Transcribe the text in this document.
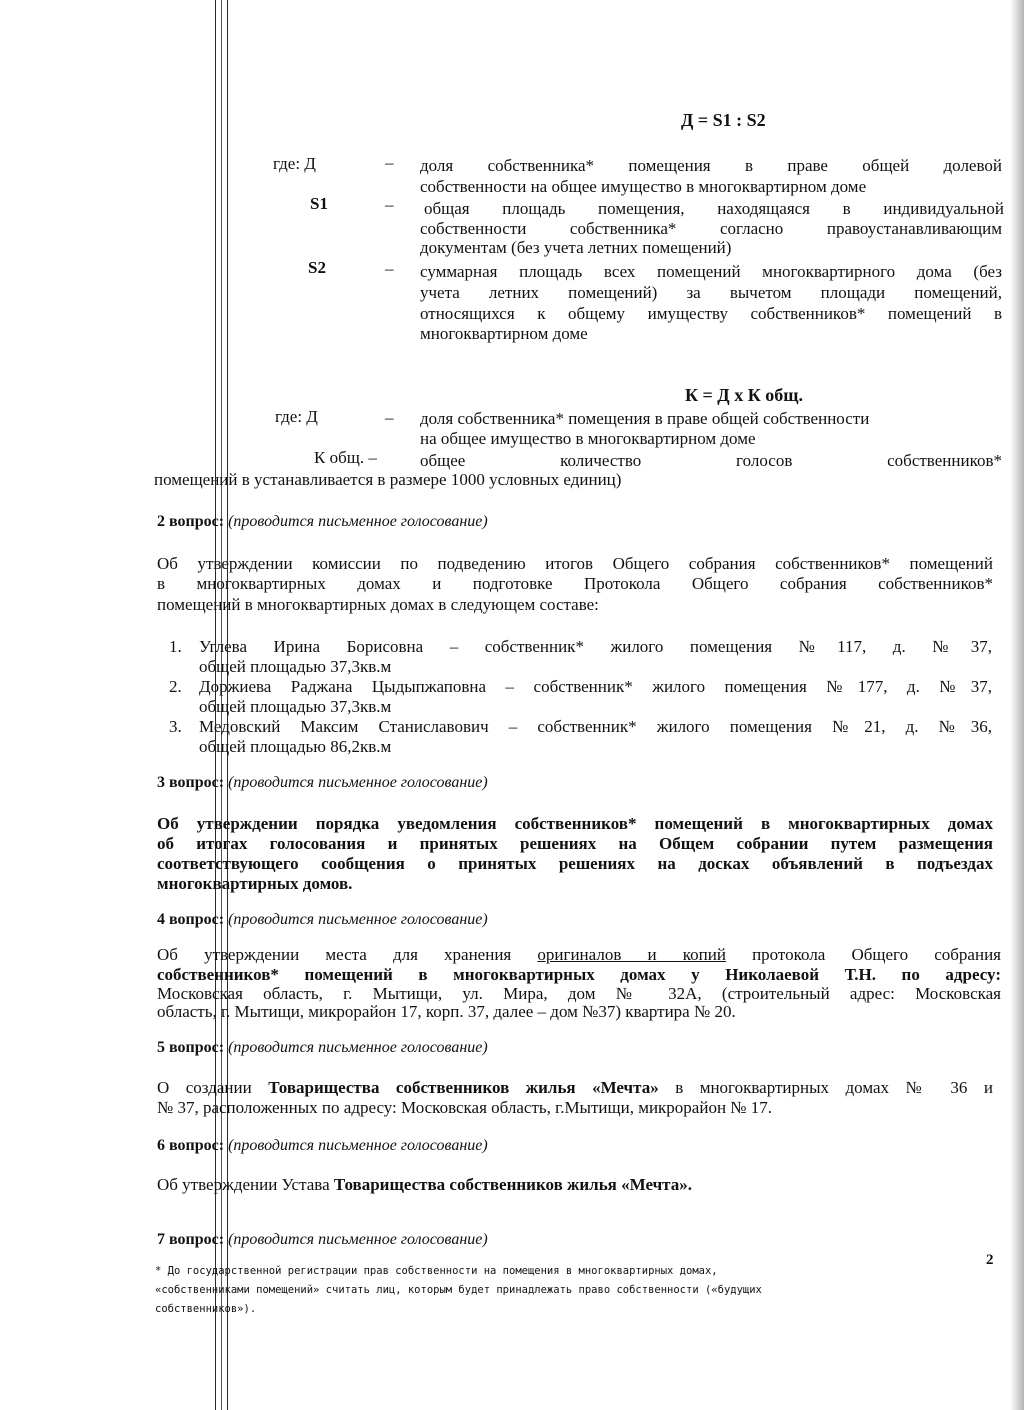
Д = S1 : S2
где: Д	– доля собственника* помещения в праве общей долевой
собственности на общее имущество в многоквартирном доме
S1	– общая площадь помещения, находящаяся в индивидуальной
собственности собственника* согласно правоустанавливающим
документам (без учета летних помещений)
S2	– суммарная площадь всех помещений многоквартирного дома (без
учета летних помещений) за вычетом площади помещений,
относящихся к общему имуществу собственников* помещений в
многоквартирном доме
К = Д х К общ.
где: Д	– доля собственника* помещения в праве общей собственности
на общее имущество в многоквартирном доме
К общ. –	общее количество голосов собственников*
помещений в устанавливается в размере 1000 условных единиц)
2 вопрос: (проводится письменное голосование)
Об утверждении комиссии по подведению итогов Общего собрания собственников* помещений
в многоквартирных домах и подготовке Протокола Общего собрания собственников*
помещений в многоквартирных домах в следующем составе:
1. Углева Ирина Борисовна – собственник* жилого помещения №117, д. №37,
общей площадью 37,3кв.м
2. Доржиева Раджана Цыдыпжаповна – собственник* жилого помещения №177, д. №37,
общей площадью 37,3кв.м
3. Медовский Максим Станиславович – собственник* жилого помещения №21, д. №36,
общей площадью 86,2кв.м
3 вопрос: (проводится письменное голосование)
Об утверждении порядка уведомления собственников* помещений в многоквартирных домах
об итогах голосования и принятых решениях на Общем собрании путем размещения
соответствующего сообщения о принятых решениях на досках объявлений в подъездах
многоквартирных домов.
4 вопрос: (проводится письменное голосование)
Об утверждении места для хранения оригиналов и копий протокола Общего собрания
собственников* помещений в многоквартирных домах у Николаевой Т.Н. по адресу:
Московская область, г. Мытищи, ул. Мира, дом № 32А, (строительный адрес: Московская
область, г. Мытищи, микрорайон 17, корп. 37, далее – дом №37) квартира № 20.
5 вопрос: (проводится письменное голосование)
О создании Товарищества собственников жилья «Мечта» в многоквартирных домах № 36 и
№ 37, расположенных по адресу: Московская область, г.Мытищи, микрорайон № 17.
6 вопрос: (проводится письменное голосование)
Об утверждении Устава Товарищества собственников жилья «Мечта».
7 вопрос: (проводится письменное голосование)
2
* До государственной регистрации прав собственности на помещения в многоквартирных домах,
«собственниками помещений» считать лиц, которым будет принадлежать право собственности («будущих
собственников»).
